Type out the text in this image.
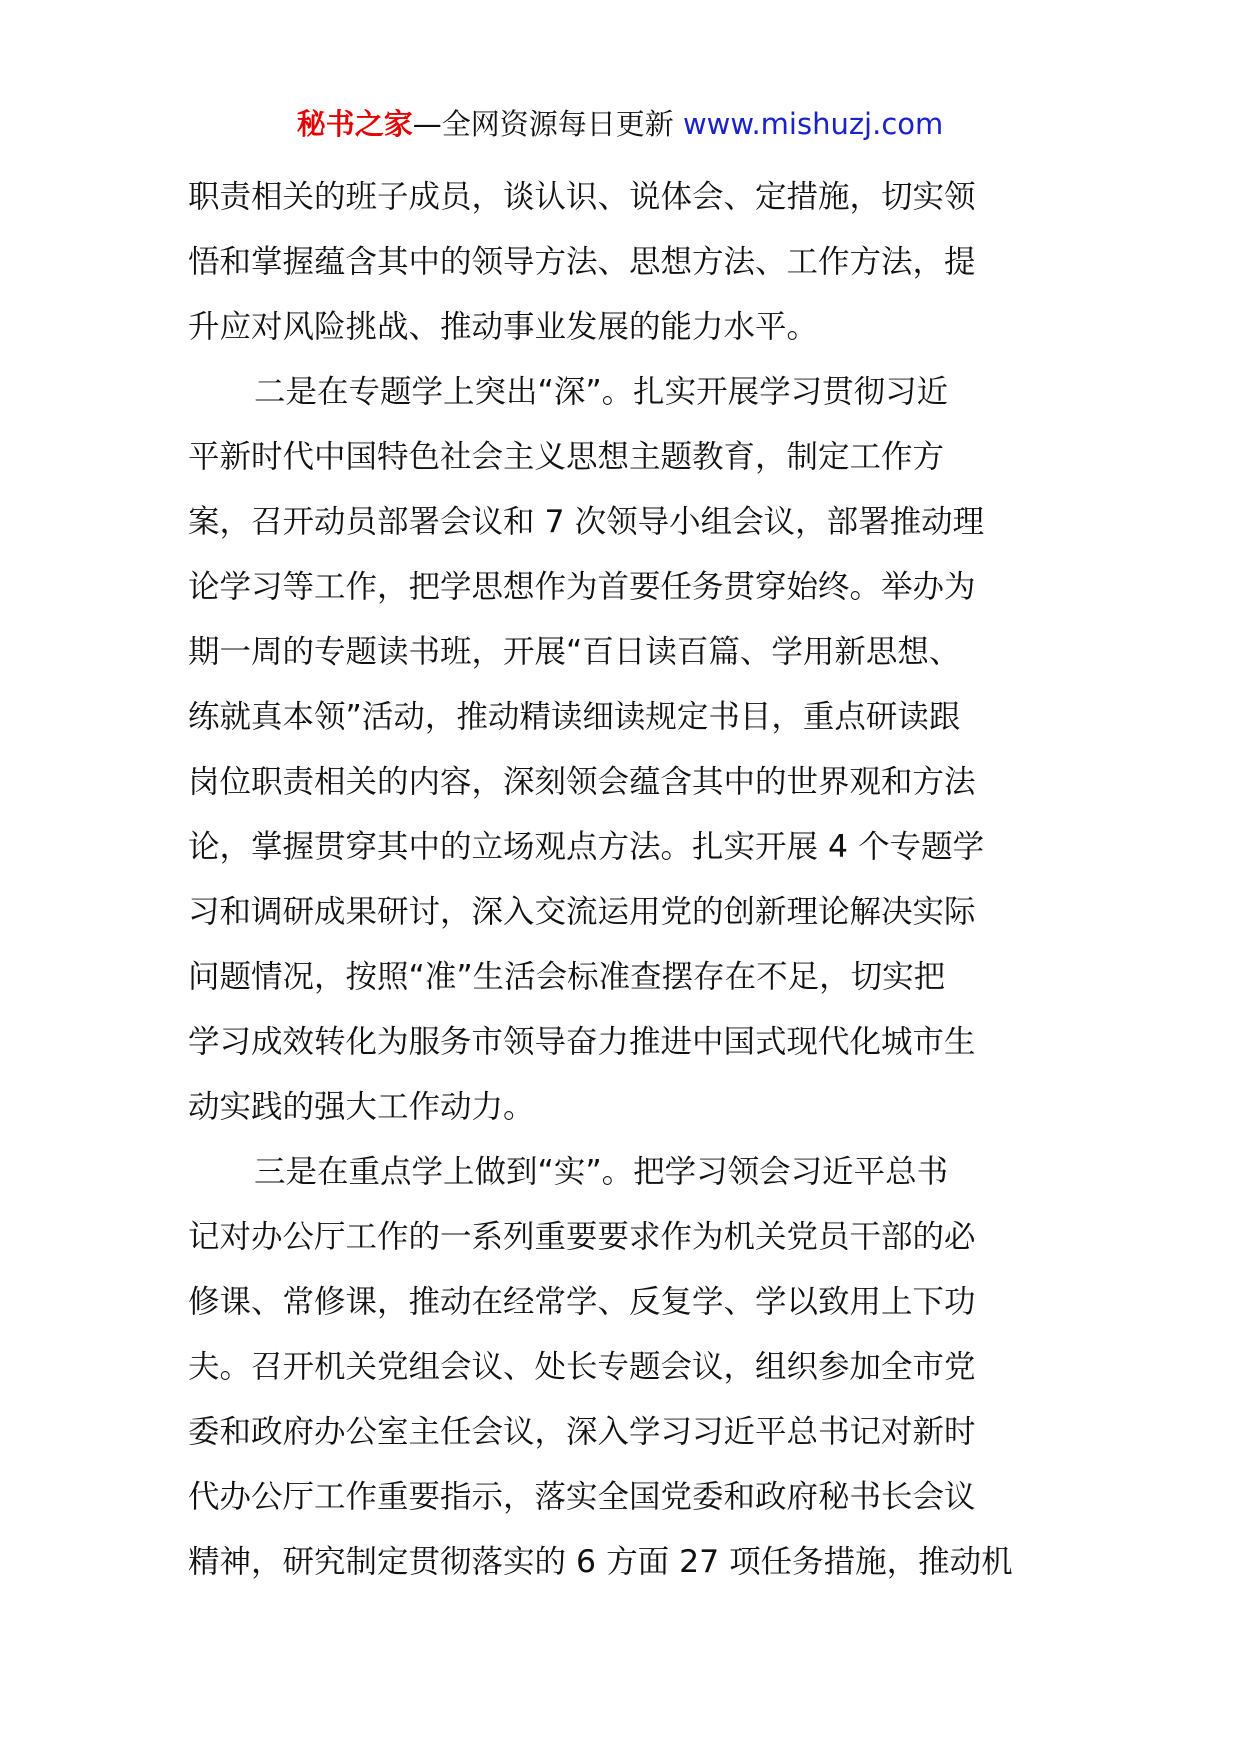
秘书之家—全网资源每日更新 www.mishuzj.com
职责相关的班子成员，谈认识、说体会、定措施，切实领
悟和掌握蕴含其中的领导方法、思想方法、工作方法，提
升应对风险挑战、推动事业发展的能力水平。
二是在专题学上突出“深”。扎实开展学习贯彻习近
平新时代中国特色社会主义思想主题教育，制定工作方
案，召开动员部署会议和 7 次领导小组会议，部署推动理
论学习等工作，把学思想作为首要任务贯穿始终。举办为
期一周的专题读书班，开展“百日读百篇、学用新思想、
练就真本领”活动，推动精读细读规定书目，重点研读跟
岗位职责相关的内容，深刻领会蕴含其中的世界观和方法
论，掌握贯穿其中的立场观点方法。扎实开展 4 个专题学
习和调研成果研讨，深入交流运用党的创新理论解决实际
问题情况，按照“准”生活会标准查摆存在不足，切实把
学习成效转化为服务市领导奋力推进中国式现代化城市生
动实践的强大工作动力。
三是在重点学上做到“实”。把学习领会习近平总书
记对办公厅工作的一系列重要要求作为机关党员干部的必
修课、常修课，推动在经常学、反复学、学以致用上下功
夫。召开机关党组会议、处长专题会议，组织参加全市党
委和政府办公室主任会议，深入学习习近平总书记对新时
代办公厅工作重要指示，落实全国党委和政府秘书长会议
精神，研究制定贯彻落实的 6 方面 27 项任务措施，推动机
